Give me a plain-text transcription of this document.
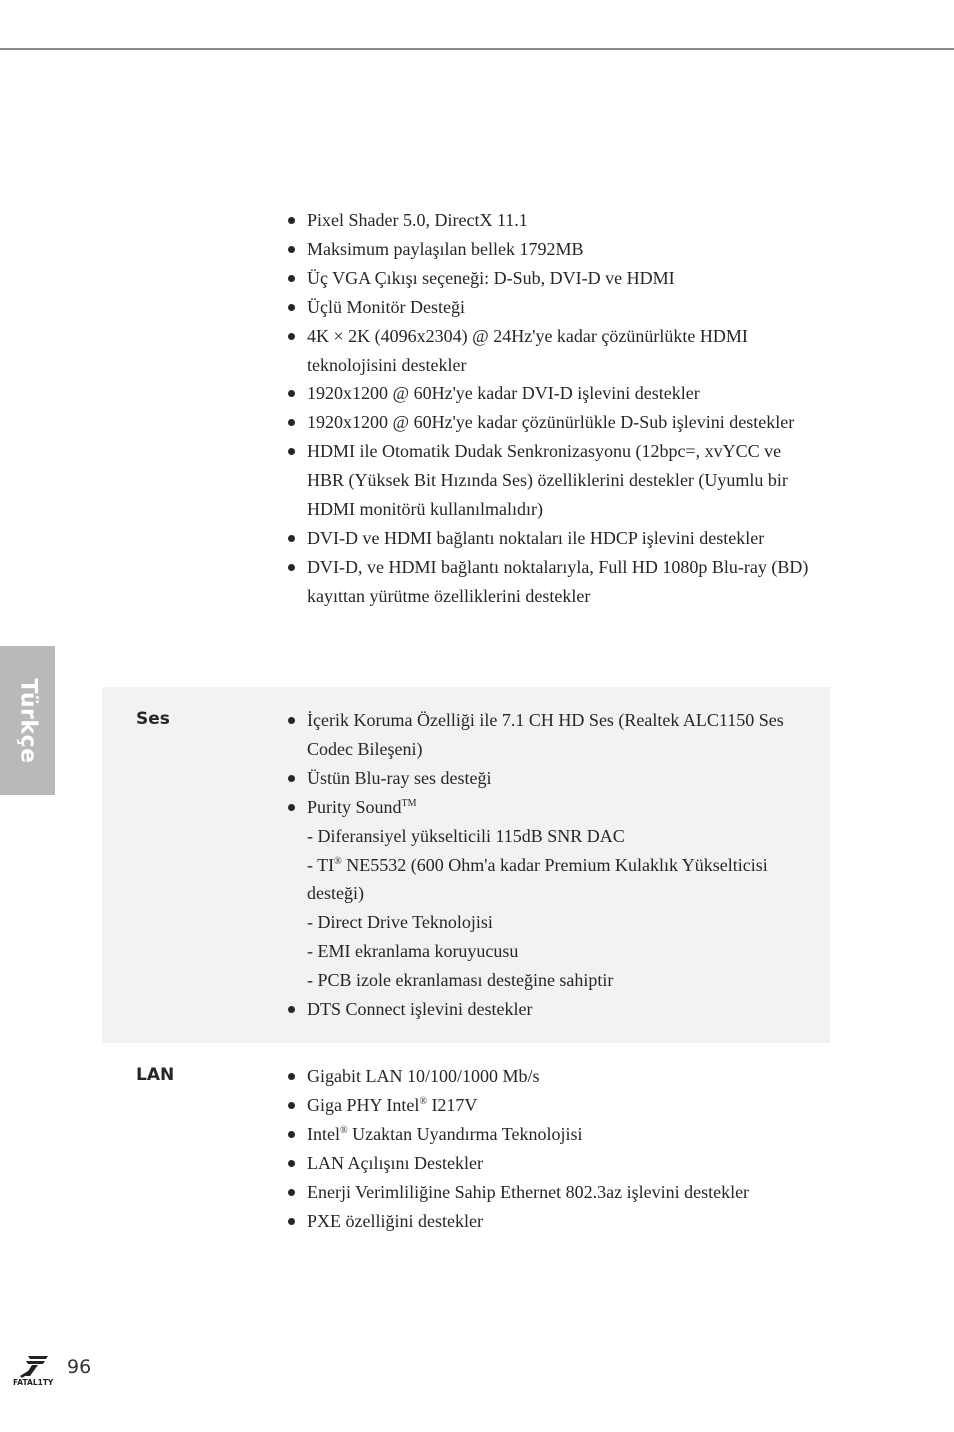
Türkçe
Pixel Shader 5.0, DirectX 11.1
Maksimum paylaşılan bellek 1792MB
Üç VGA Çıkışı seçeneği: D-Sub, DVI-D ve HDMI
Üçlü Monitör Desteği
4K × 2K (4096x2304) @ 24Hz'ye kadar çözünürlükte HDMI teknolojisini destekler
1920x1200 @ 60Hz'ye kadar DVI-D işlevini destekler
1920x1200 @ 60Hz'ye kadar çözünürlükle D-Sub işlevini destekler
HDMI ile Otomatik Dudak Senkronizasyonu (12bpc=, xvYCC ve HBR (Yüksek Bit Hızında Ses) özelliklerini destekler (Uyumlu bir HDMI monitörü kullanılmalıdır)
DVI-D ve HDMI bağlantı noktaları ile HDCP işlevini destekler
DVI-D, ve HDMI bağlantı noktalarıyla, Full HD 1080p Blu-ray (BD) kayıttan yürütme özelliklerini destekler
Ses	İçerik Koruma Özelliği ile 7.1 CH HD Ses (Realtek ALC1150 Ses Codec Bileşeni)
Üstün Blu-ray ses desteği
Purity Sound™
- Diferansiyel yükselticili 115dB SNR DAC
- TI® NE5532 (600 Ohm'a kadar Premium Kulaklık Yükselticisi desteği)
- Direct Drive Teknolojisi
- EMI ekranlama koruyucusu
- PCB izole ekranlaması desteğine sahiptir
DTS Connect işlevini destekler
LAN	Gigabit LAN 10/100/1000 Mb/s
Giga PHY Intel® I217V
Intel® Uzaktan Uyandırma Teknolojisi
LAN Açılışını Destekler
Enerji Verimliliğine Sahip Ethernet 802.3az işlevini destekler
PXE özelliğini destekler
FATAL1TY
96
